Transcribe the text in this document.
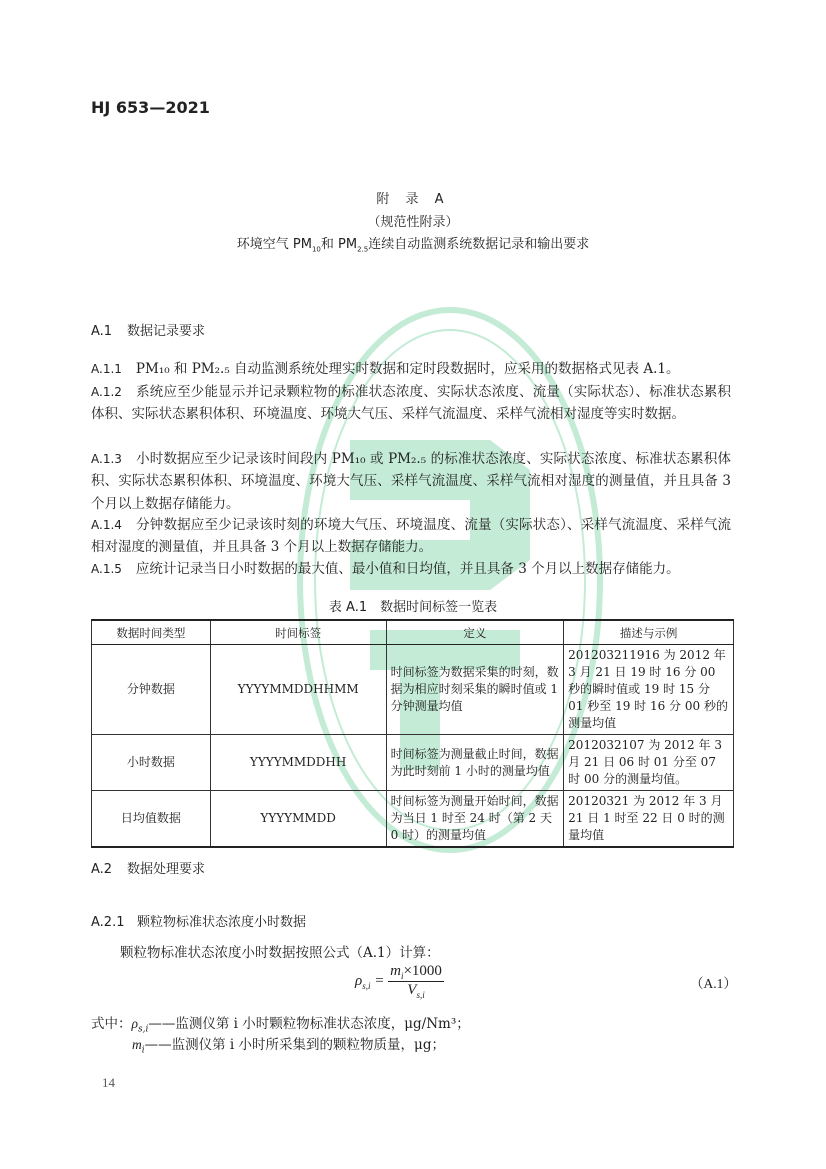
HJ 653—2021
附 录 A
（规范性附录）
环境空气 $PM_{10}$和 $PM_{2.5}$连续自动监测系统数据记录和输出要求
A.1 数据记录要求
A.1.1 PM₁₀ 和 PM₂.₅ 自动监测系统处理实时数据和定时段数据时，应采用的数据格式见表 A.1。
A.1.2 系统应至少能显示并记录颗粒物的标准状态浓度、实际状态浓度、流量（实际状态）、标准状态累积体积、实际状态累积体积、环境温度、环境大气压、采样气流温度、采样气流相对湿度等实时数据。
A.1.3 小时数据应至少记录该时间段内 PM₁₀ 或 PM₂.₅ 的标准状态浓度、实际状态浓度、标准状态累积体积、实际状态累积体积、环境温度、环境大气压、采样气流温度、采样气流相对湿度的测量值，并且具备 3 个月以上数据存储能力。
A.1.4 分钟数据应至少记录该时刻的环境大气压、环境温度、流量（实际状态）、采样气流温度、采样气流相对湿度的测量值，并且具备 3 个月以上数据存储能力。
A.1.5 应统计记录当日小时数据的最大值、最小值和日均值，并且具备 3 个月以上数据存储能力。
表 A.1　数据时间标签一览表
数据时间类型	时间标签	定义	描述与示例
分钟数据	YYYYMMDDHHMM	时间标签为数据采集的时刻，数据为相应时刻采集的瞬时值或 1 分钟测量均值	201203211916 为 2012 年 3 月 21 日 19 时 16 分 00 秒的瞬时值或 19 时 15 分 01 秒至 19 时 16 分 00 秒的测量均值
小时数据	YYYYMMDDHH	时间标签为测量截止时间，数据为此时刻前 1 小时的测量均值	2012032107 为 2012 年 3 月 21 日 06 时 01 分至 07 时 00 分的测量均值。
日均值数据	YYYYMMDD	时间标签为测量开始时间，数据为当日 1 时至 24 时（第 2 天 0 时）的测量均值	20120321 为 2012 年 3 月 21 日 1 时至 22 日 0 时的测量均值
A.2 数据处理要求
A.2.1 颗粒物标准状态浓度小时数据
颗粒物标准状态浓度小时数据按照公式（A.1）计算：
$\rho_{s,i} = \frac{m_i\times 1000}{V_{s,i}}$	（A.1）
式中：$\rho_{s,i}——$监测仪第 i 小时颗粒物标准状态浓度，μg/Nm³；
$m_i——$监测仪第 i 小时所采集到的颗粒物质量，μg；
14
